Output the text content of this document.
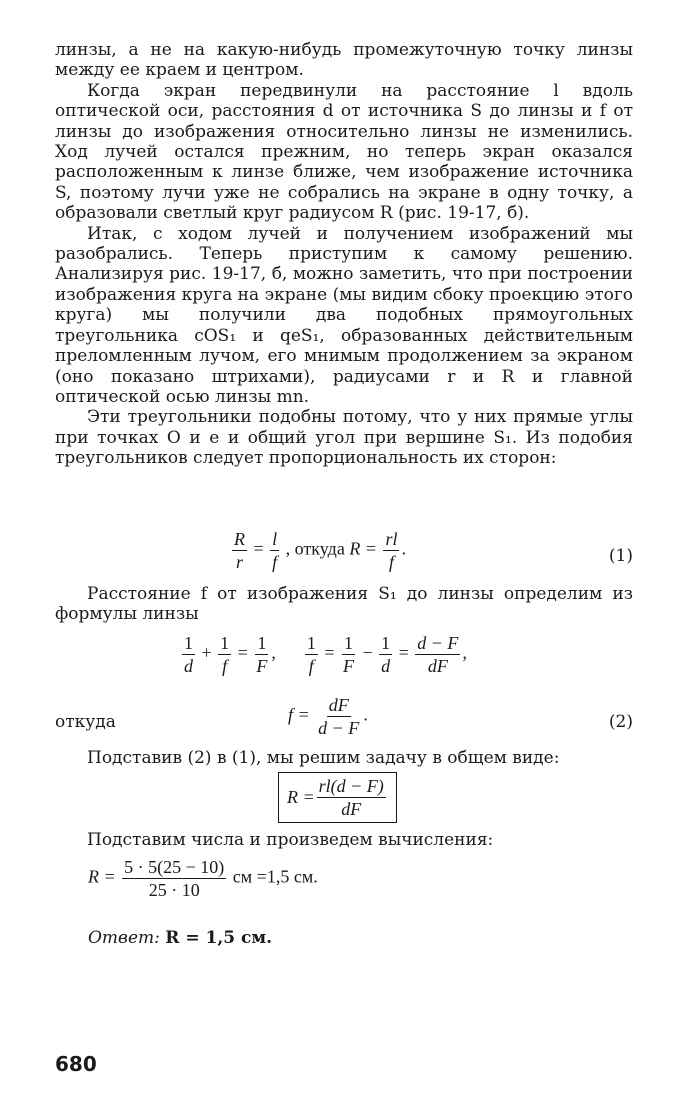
линзы, а не на какую-нибудь промежуточную точку линзы между ее краем и центром.

Когда экран передвинули на расстояние l вдоль оптической оси, расстояния d от источника S до линзы и f от линзы до изображения относительно линзы не изменились. Ход лучей остался прежним, но теперь экран оказался расположенным к линзе ближе, чем изображение источника S, поэтому лучи уже не собрались на экране в одну точку, а образовали светлый круг радиусом R (рис. 19-17, б).

Итак, с ходом лучей и получением изображений мы разобрались. Теперь приступим к самому решению. Анализируя рис. 19-17, б, можно заметить, что при построении изображения круга на экране (мы видим сбоку проекцию этого круга) мы получили два подобных прямоугольных треугольника cOS₁ и qeS₁, образованных действительным преломленным лучом, его мнимым продолжением за экраном (оно показано штрихами), радиусами r и R и главной оптической осью линзы mn.

Эти треугольники подобны потому, что у них прямые углы при точках O и e и общий угол при вершине S₁. Из подобия треугольников следует пропорциональность их сторон:

$\frac{R}{r} = \frac{l}{f}$ , откуда $R = \frac{rl}{f}$ .	(1)

Расстояние f от изображения S₁ до линзы определим из формулы линзы

$\frac{1}{d} + \frac{1}{f} = \frac{1}{F}$ , $\frac{1}{f} = \frac{1}{F} - \frac{1}{d} = \frac{d - F}{dF}$ ,
откуда	$f = \frac{dF}{d - F}$ .	(2)

Подставив (2) в (1), мы решим задачу в общем виде:

$R = \frac{rl(d - F)}{dF}$

Подставим числа и произведем вычисления:

$R = \frac{5 \cdot 5(25 - 10)}{25 \cdot 10}$ см =1,5 см.
Ответ: R = 1,5 см.
680
